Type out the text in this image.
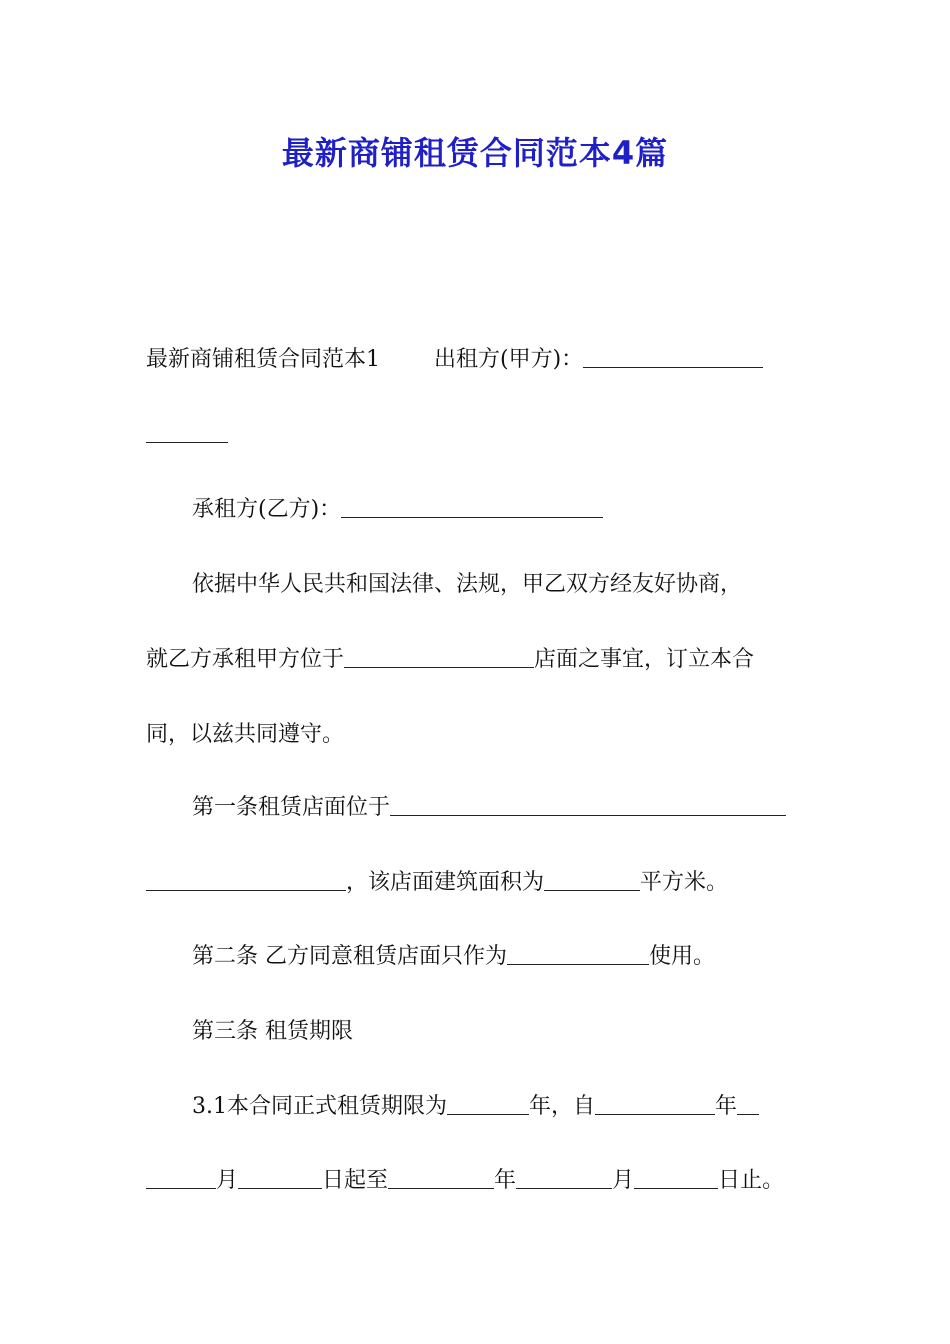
最新商铺租赁合同范本4篇
最新商铺租赁合同范本1 出租方(甲方)：
承租方(乙方)：
依据中华人民共和国法律、法规，甲乙双方经友好协商，
就乙方承租甲方位于	店面之事宜，订立本合
同，以兹共同遵守。
第一条租赁店面位于
，该店面建筑面积为	平方米。
第二条 乙方同意租赁店面只作为	使用。
第三条 租赁期限
3.1本合同正式租赁期限为	年，自	年
月	日起至	年	月	日止。
